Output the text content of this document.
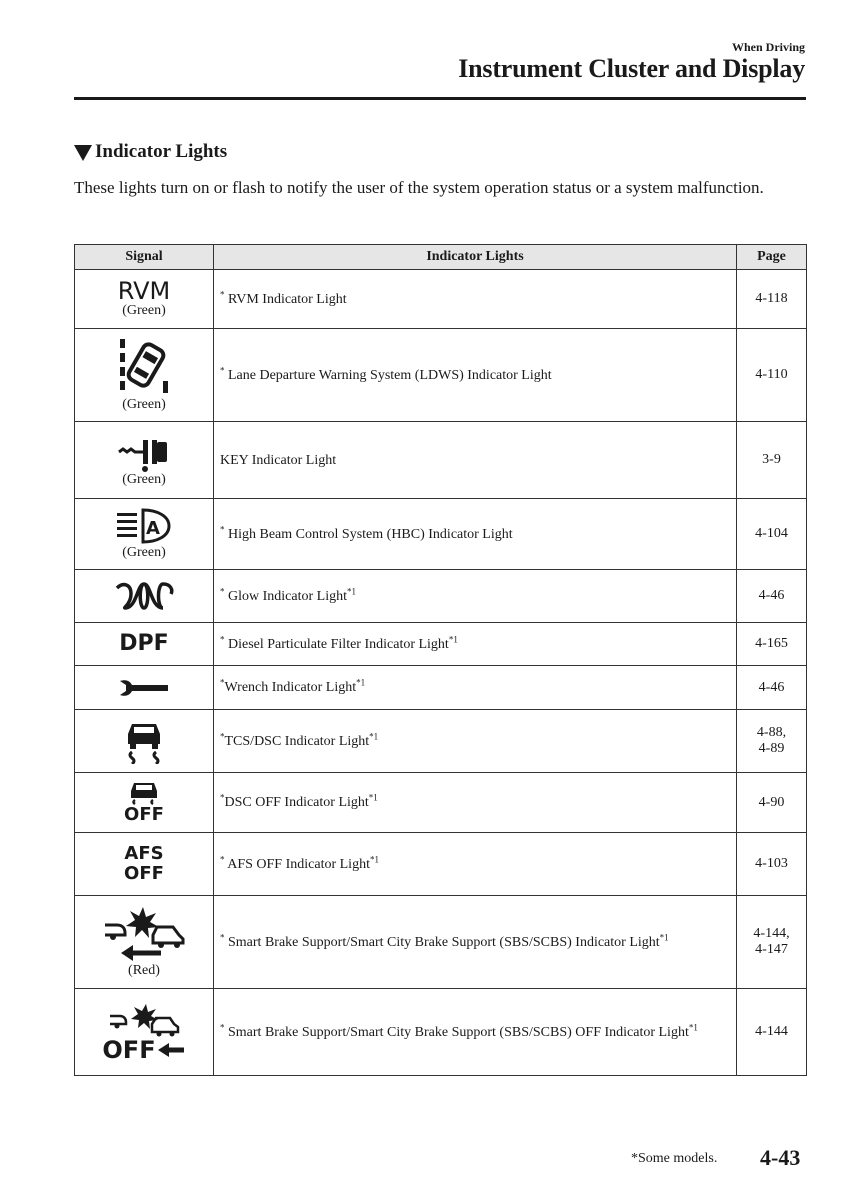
When Driving
Instrument Cluster and Display
Indicator Lights
These lights turn on or flash to notify the user of the system operation status or a system malfunction.
Signal	Indicator Lights	Page

RVM
(Green)	* RVM Indicator Light	4-118

(Green)	* Lane Departure Warning System (LDWS) Indicator Light	4-110

(Green)	KEY Indicator Light	3-9

A
(Green)	* High Beam Control System (HBC) Indicator Light	4-104

	* Glow Indicator Light$^{*1}$	4-46

DPF	* Diesel Particulate Filter Indicator Light$^{*1}$	4-165

	*Wrench Indicator Light$^{*1}$	4-46

	*TCS/DSC Indicator Light$^{*1}$	4-88,
4-89

OFF	*DSC OFF Indicator Light$^{*1}$	4-90

AFS
OFF	* AFS OFF Indicator Light$^{*1}$	4-103

(Red)	* Smart Brake Support/Smart City Brake Support (SBS/SCBS) Indicator Light$^{*1}$	4-144,
4-147

OFF	* Smart Brake Support/Smart City Brake Support (SBS/SCBS) OFF Indicator Light$^{*1}$	4-144
*Some models. 4-43
